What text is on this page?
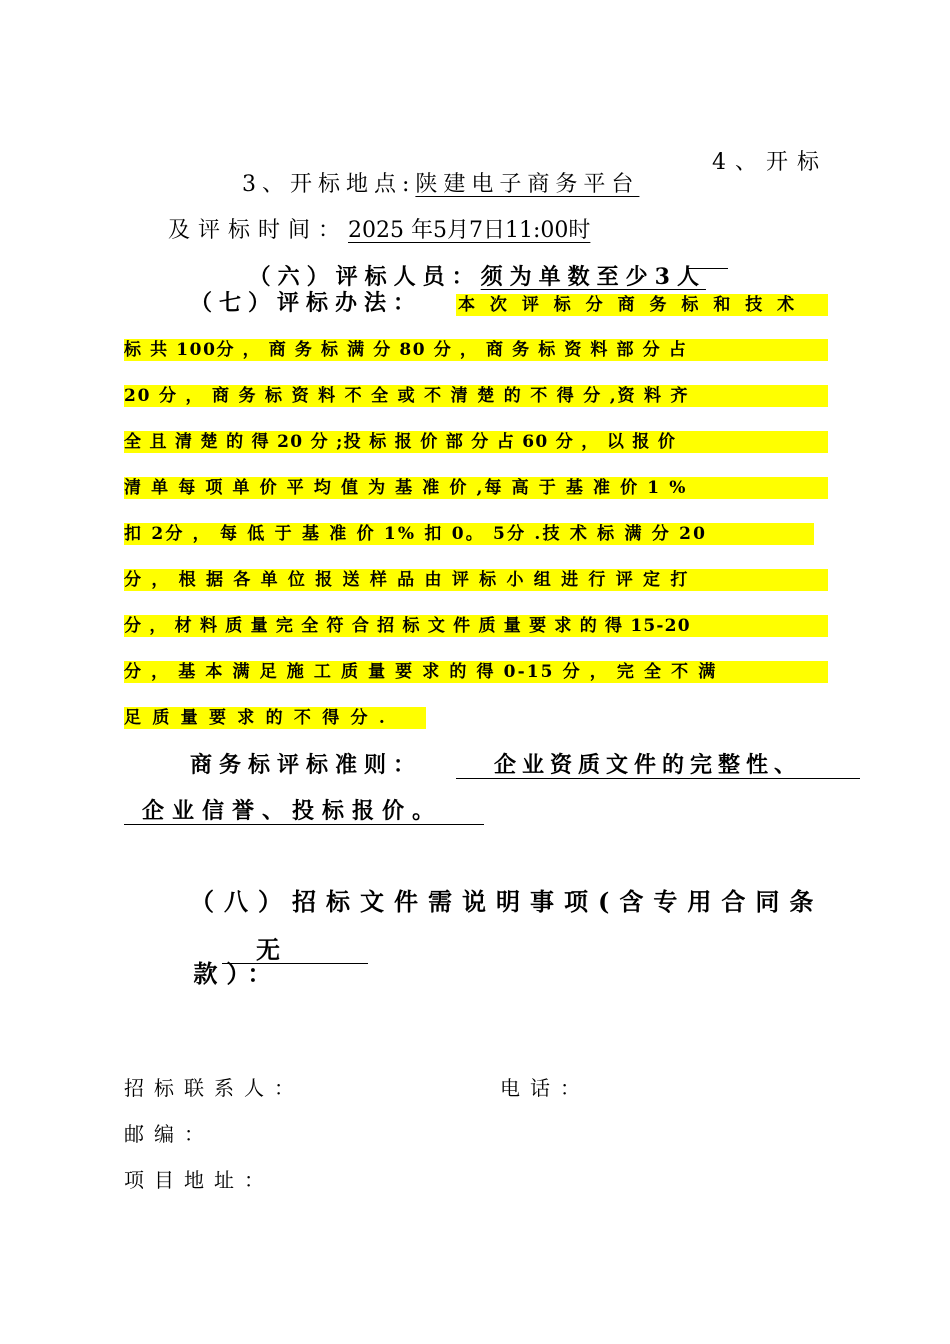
3、开标地点:陕建电子商务平台

4、开标

及评标时间：2025 年5月7日11:00时

（六）评标人员：须为单数至少3人

（七）评标办法： 本 次 评 标 分 商 务 标 和 技 术
标 共 100分 ， 商 务 标 满 分 80 分 ， 商 务 标 资 料 部 分 占
20 分 ， 商 务 标 资 料 不 全 或 不 清 楚 的 不 得 分 ,资 料 齐
全 且 清 楚 的 得 20 分 ;投 标 报 价 部 分 占 60 分 ， 以 报 价
清 单 每 项 单 价 平 均 值 为 基 准 价 ,每 高 于 基 准 价 1 %
扣 2分 ， 每 低 于 基 准 价 1% 扣 0。 5分 .技 术 标 满 分 20
分 ， 根 据 各 单 位 报 送 样 品 由 评 标 小 组 进 行 评 定 打
分 ， 材 料 质 量 完 全 符 合 招 标 文 件 质 量 要 求 的 得 15-20
分 ， 基 本 满 足 施 工 质 量 要 求 的 得 0-15 分 ， 完 全 不 满
足 质 量 要 求 的 不 得 分 .
商务标评标准则：	企业资质文件的完整性、
企业信誉、投标报价。
（八）招标文件需说明事项(含专用合同条

款）：

无
招标联系人：	电话：
邮编：
项目地址：
